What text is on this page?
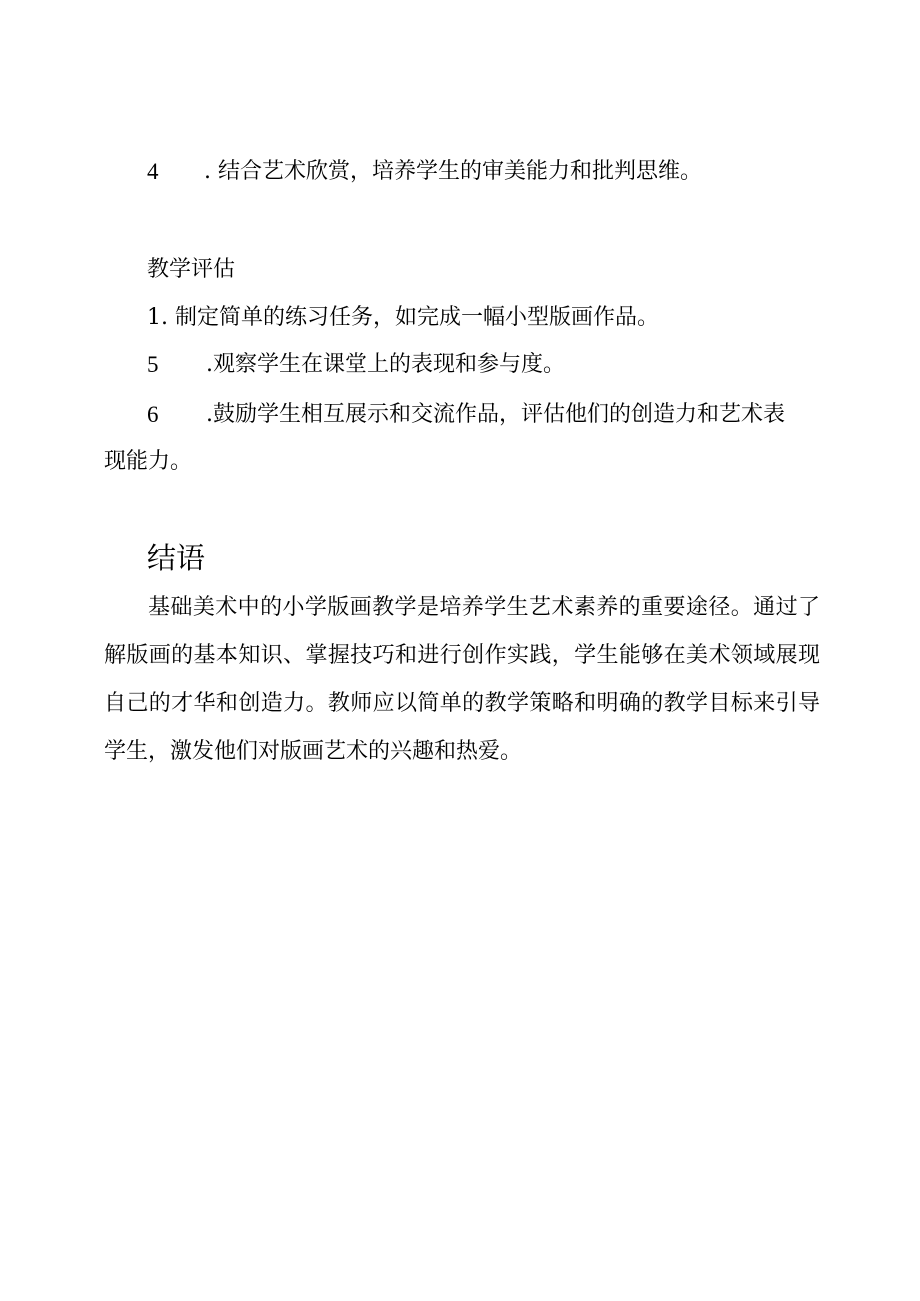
4 . 结合艺术欣赏，培养学生的审美能力和批判思维。
教学评估
1. 制定简单的练习任务，如完成一幅小型版画作品。
5 .观察学生在课堂上的表现和参与度。
6 .鼓励学生相互展示和交流作品，评估他们的创造力和艺术表
现能力。
结语

基础美术中的小学版画教学是培养学生艺术素养的重要途径。通过了解版画的基本知识、掌握技巧和进行创作实践，学生能够在美术领域展现自己的才华和创造力。教师应以简单的教学策略和明确的教学目标来引导学生，激发他们对版画艺术的兴趣和热爱。
